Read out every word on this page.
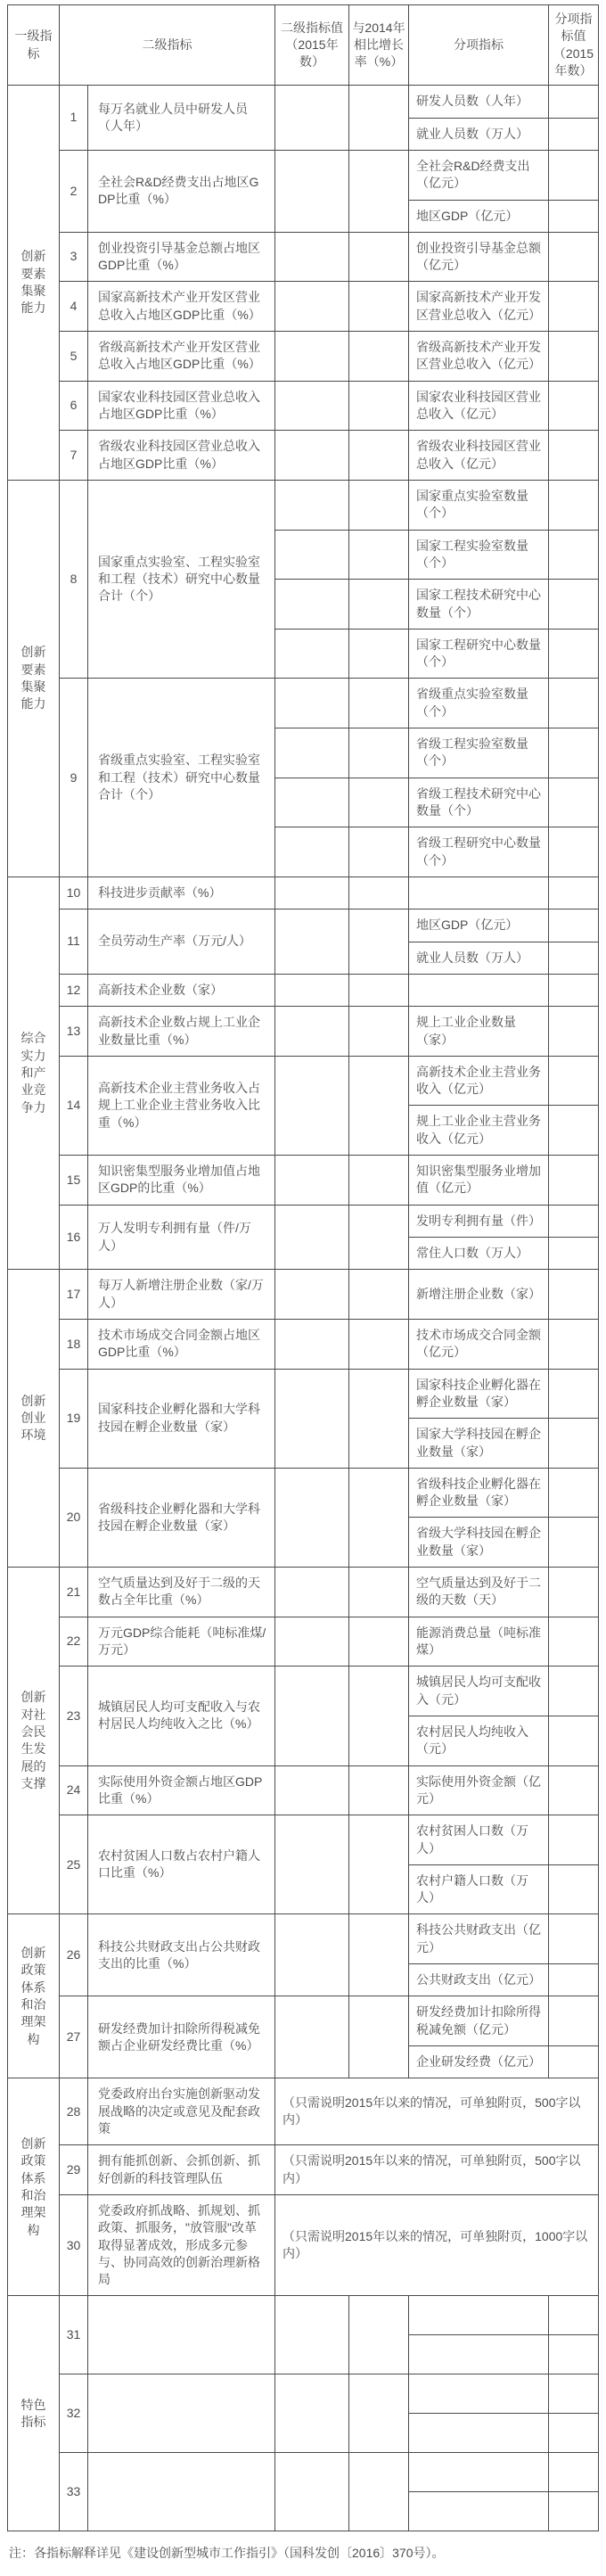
一级指标	二级指标		二级指标值（2015年数）	与2014年相比增长率（%）	分项指标	分项指标值（2015年数）
创新要素集聚能力	1	每万名就业人员中研发人员（人年）			研发人员数（人年）	
					就业人员数（万人）	
	2	全社会R&D经费支出占地区GDP比重（%）			全社会R&D经费支出（亿元）	
					地区GDP（亿元）	
	3	创业投资引导基金总额占地区GDP比重（%）			创业投资引导基金总额（亿元）	
	4	国家高新技术产业开发区营业总收入占地区GDP比重（%）			国家高新技术产业开发区营业总收入（亿元）	
	5	省级高新技术产业开发区营业总收入占地区GDP比重（%）			省级高新技术产业开发区营业总收入（亿元）	
	6	国家农业科技园区营业总收入占地区GDP比重（%）			国家农业科技园区营业总收入（亿元）	
	7	省级农业科技园区营业总收入占地区GDP比重（%）			省级农业科技园区营业总收入（亿元）	
创新要素集聚能力	8	国家重点实验室、工程实验室和工程（技术）研究中心数量合计（个）			国家重点实验室数量（个）	
					国家工程实验室数量（个）	
					国家工程技术研究中心数量（个）	
					国家工程研究中心数量（个）	
	9	省级重点实验室、工程实验室和工程（技术）研究中心数量合计（个）			省级重点实验室数量（个）	
					省级工程实验室数量（个）	
					省级工程技术研究中心数量（个）	
					省级工程研究中心数量（个）	
综合实力和产业竞争力	10	科技进步贡献率（%）				
	11	全员劳动生产率（万元/人）			地区GDP（亿元）	
					就业人员数（万人）	
	12	高新技术企业数（家）				
	13	高新技术企业数占规上工业企业数量比重（%）			规上工业企业数量（家）	
	14	高新技术企业主营业务收入占规上工业企业主营业务收入比重（%）			高新技术企业主营业务收入（亿元）	
					规上工业企业主营业务收入（亿元）	
	15	知识密集型服务业增加值占地区GDP的比重（%）			知识密集型服务业增加值（亿元）	
	16	万人发明专利拥有量（件/万人）			发明专利拥有量（件）	
					常住人口数（万人）	
创新创业环境	17	每万人新增注册企业数（家/万人）			新增注册企业数（家）	
	18	技术市场成交合同金额占地区GDP比重（%）			技术市场成交合同金额（亿元）	
	19	国家科技企业孵化器和大学科技园在孵企业数量（家）			国家科技企业孵化器在孵企业数量（家）	
					国家大学科技园在孵企业数量（家）	
	20	省级科技企业孵化器和大学科技园在孵企业数量（家）			省级科技企业孵化器在孵企业数量（家）	
					省级大学科技园在孵企业数量（家）	
创新对社会民生发展的支撑	21	空气质量达到及好于二级的天数占全年比重（%）			空气质量达到及好于二级的天数（天）	
	22	万元GDP综合能耗（吨标准煤/万元）			能源消费总量（吨标准煤）	
	23	城镇居民人均可支配收入与农村居民人均纯收入之比（%）			城镇居民人均可支配收入（元）	
					农村居民人均纯收入（元）	
	24	实际使用外资金额占地区GDP比重（%）			实际使用外资金额（亿元）	
	25	农村贫困人口数占农村户籍人口比重（%）			农村贫困人口数（万人）	
					农村户籍人口数（万人）	
创新政策体系和治理架构	26	科技公共财政支出占公共财政支出的比重（%）			科技公共财政支出（亿元）	
					公共财政支出（亿元）	
	27	研发经费加计扣除所得税减免额占企业研发经费比重（%）			研发经费加计扣除所得税减免额（亿元）	
					企业研发经费（亿元）	
创新政策体系和治理架构	28	党委政府出台实施创新驱动发展战略的决定或意见及配套政策	（只需说明2015年以来的情况，可单独附页，500字以内）			
	29	拥有能抓创新、会抓创新、抓好创新的科技管理队伍	（只需说明2015年以来的情况，可单独附页，500字以内）			
	30	党委政府抓战略、抓规划、抓政策、抓服务，"放管服"改革取得显著成效，形成多元参与、协同高效的创新治理新格局	（只需说明2015年以来的情况，可单独附页，1000字以内）			
特色指标	31					

	32					

	33					

注：各指标解释详见《建设创新型城市工作指引》（国科发创〔2016〕370号）。
